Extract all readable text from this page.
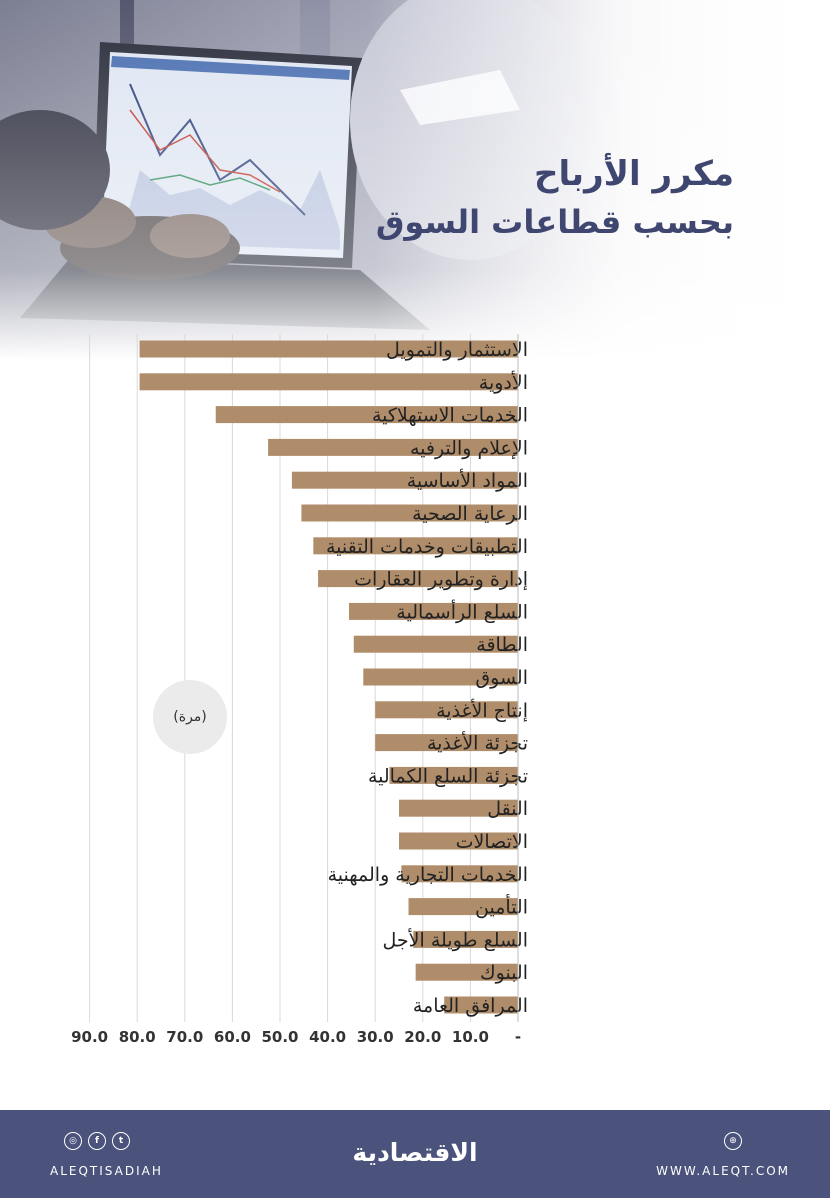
مكرر الأرباح
بحسب قطاعات السوق
-
10.0
20.0
30.0
40.0
50.0
60.0
70.0
80.0
90.0
الاستثمار والتمويل
الأدوية
الخدمات الاستهلاكية
الإعلام والترفيه
المواد الأساسية
الرعاية الصحية
التطبيقات وخدمات التقنية
إدارة وتطوير العقارات
السلع الرأسمالية
الطاقة
السوق
إنتاج الأغذية
تجزئة الأغذية
تجزئة السلع الكمالية
النقل
الاتصالات
الخدمات التجارية والمهنية
التأمين
السلع طويلة الأجل
البنوك
المرافق العامة
(مرة)
◎	f	t
ALEQTISADIAH
الاقتصادية	⊕
WWW.ALEQT.COM
